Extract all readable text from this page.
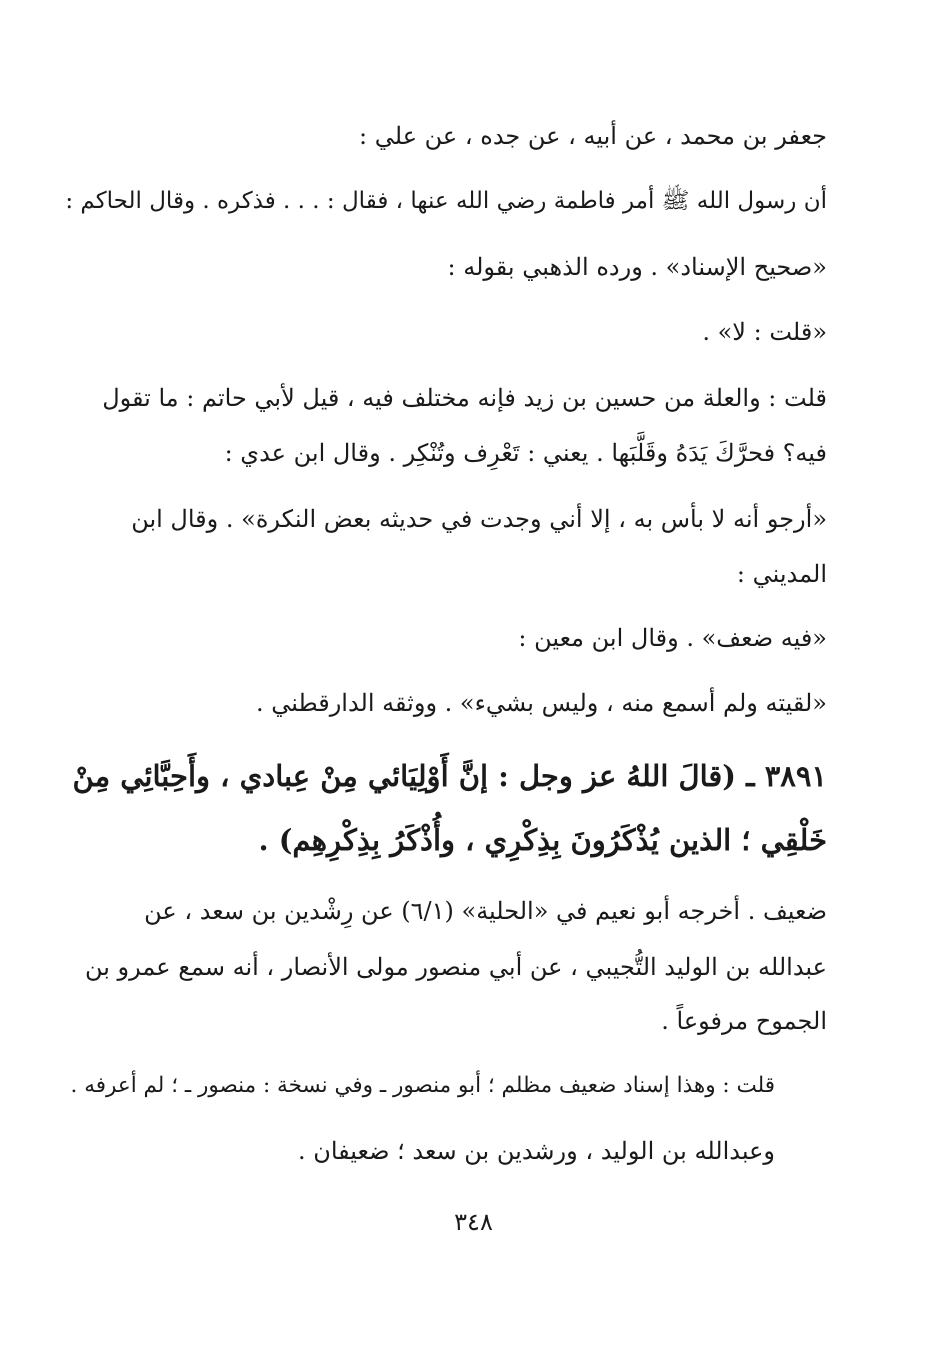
جعفر بن محمد ، عن أبيه ، عن جده ، عن علي :
أن رسول الله ﷺ أمر فاطمة رضي الله عنها ، فقال : . . . فذكره . وقال الحاكم :
«صحيح الإسناد» . ورده الذهبي بقوله :
«قلت : لا» .
قلت : والعلة من حسين بن زيد فإنه مختلف فيه ، قيل لأبي حاتم : ما تقول
فيه؟ فحرَّكَ يَدَهُ وقَلَّبَها . يعني : تَعْرِف وتُنْكِر . وقال ابن عدي :
«أرجو أنه لا بأس به ، إلا أني وجدت في حديثه بعض النكرة» . وقال ابن
المديني :
«فيه ضعف» . وقال ابن معين :
«لقيته ولم أسمع منه ، وليس بشيء» . ووثقه الدارقطني .
٣٨٩١ ـ (قالَ اللهُ عز وجل : إنَّ أَوْلِيَائي مِنْ عِبادي ، وأَحِبَّائِي مِنْ
خَلْقِي ؛ الذين يُذْكَرُونَ بِذِكْرِي ، وأُذْكَرُ بِذِكْرِهِم) .
ضعيف . أخرجه أبو نعيم في «الحلية» (٦/١) عن رِشْدين بن سعد ، عن
عبدالله بن الوليد التُّجيبي ، عن أبي منصور مولى الأنصار ، أنه سمع عمرو بن
الجموح مرفوعاً .
قلت : وهذا إسناد ضعيف مظلم ؛ أبو منصور ـ وفي نسخة : منصور ـ ؛ لم أعرفه .
وعبدالله بن الوليد ، ورشدين بن سعد ؛ ضعيفان .
٣٤٨
